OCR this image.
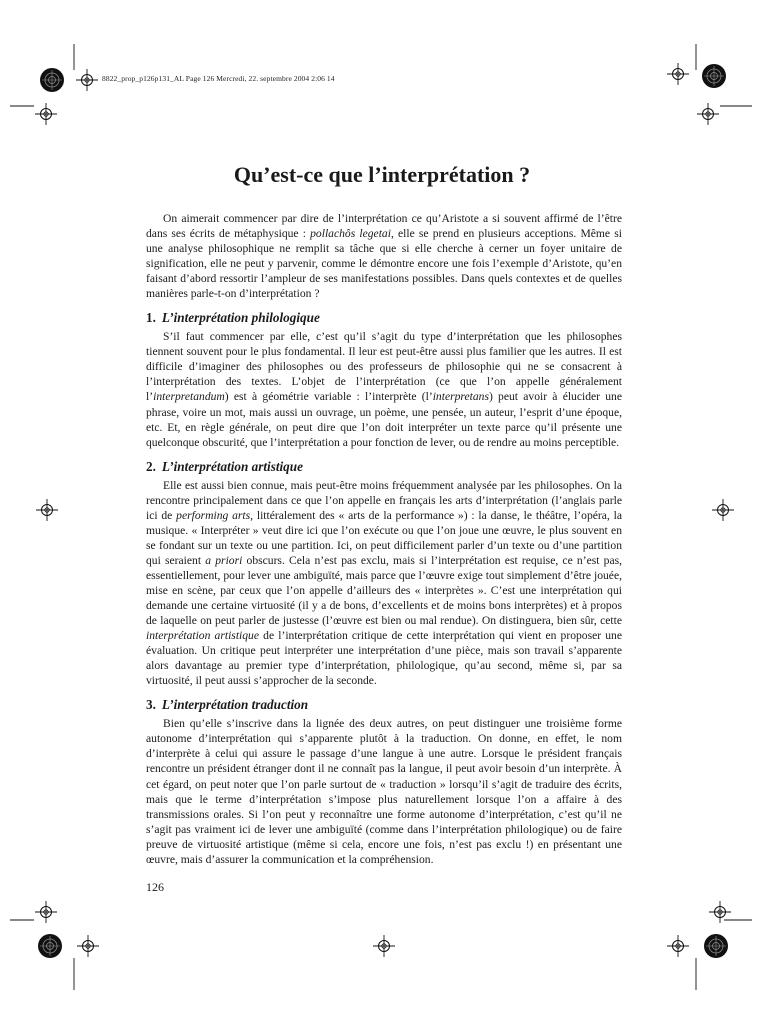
8822_prop_p126p131_AL Page 126 Mercredi, 22. septembre 2004 2:06 14
Qu’est-ce que l’interprétation ?

On aimerait commencer par dire de l’interprétation ce qu’Aristote a si souvent affirmé de l’être dans ses écrits de métaphysique : pollachôs legetai, elle se prend en plusieurs acceptions. Même si une analyse philosophique ne remplit sa tâche que si elle cherche à cerner un foyer unitaire de signification, elle ne peut y parvenir, comme le démontre encore une fois l’exemple d’Aristote, qu’en faisant d’abord ressortir l’ampleur de ses manifestations possibles. Dans quels contextes et de quelles manières parle-t-on d’interprétation ?

1. L’interprétation philologique

S’il faut commencer par elle, c’est qu’il s’agit du type d’interprétation que les philosophes tiennent souvent pour le plus fondamental. Il leur est peut-être aussi plus familier que les autres. Il est difficile d’imaginer des philosophes ou des professeurs de philosophie qui ne se consacrent à l’interprétation des textes. L’objet de l’interprétation (ce que l’on appelle généralement l’interpretandum) est à géométrie variable : l’interprète (l’interpretans) peut avoir à élucider une phrase, voire un mot, mais aussi un ouvrage, un poème, une pensée, un auteur, l’esprit d’une époque, etc. Et, en règle générale, on peut dire que l’on doit interpréter un texte parce qu’il présente une quelconque obscurité, que l’interprétation a pour fonction de lever, ou de rendre au moins perceptible.

2. L’interprétation artistique

Elle est aussi bien connue, mais peut-être moins fréquemment analysée par les philosophes. On la rencontre principalement dans ce que l’on appelle en français les arts d’interprétation (l’anglais parle ici de performing arts, littéralement des « arts de la performance ») : la danse, le théâtre, l’opéra, la musique. « Interpréter » veut dire ici que l’on exécute ou que l’on joue une œuvre, le plus souvent en se fondant sur un texte ou une partition. Ici, on peut difficilement parler d’un texte ou d’une partition qui seraient a priori obscurs. Cela n’est pas exclu, mais si l’interprétation est requise, ce n’est pas, essentiellement, pour lever une ambiguïté, mais parce que l’œuvre exige tout simplement d’être jouée, mise en scène, par ceux que l’on appelle d’ailleurs des « interprètes ». C’est une interprétation qui demande une certaine virtuosité (il y a de bons, d’excellents et de moins bons interprètes) et à propos de laquelle on peut parler de justesse (l’œuvre est bien ou mal rendue). On distinguera, bien sûr, cette interprétation artistique de l’interprétation critique de cette interprétation qui vient en proposer une évaluation. Un critique peut interpréter une interprétation d’une pièce, mais son travail s’apparente alors davantage au premier type d’interprétation, philologique, qu’au second, même si, par sa virtuosité, il peut aussi s’approcher de la seconde.

3. L’interprétation traduction

Bien qu’elle s’inscrive dans la lignée des deux autres, on peut distinguer une troisième forme autonome d’interprétation qui s’apparente plutôt à la traduction. On donne, en effet, le nom d’interprète à celui qui assure le passage d’une langue à une autre. Lorsque le président français rencontre un président étranger dont il ne connaît pas la langue, il peut avoir besoin d’un interprète. À cet égard, on peut noter que l’on parle surtout de « traduction » lorsqu’il s’agit de traduire des écrits, mais que le terme d’interprétation s’impose plus naturellement lorsque l’on a affaire à des transmissions orales. Si l’on peut y reconnaître une forme autonome d’interprétation, c’est qu’il ne s’agit pas vraiment ici de lever une ambiguïté (comme dans l’interprétation philologique) ou de faire preuve de virtuosité artistique (même si cela, encore une fois, n’est pas exclu !) en présentant une œuvre, mais d’assurer la communication et la compréhension.

126
